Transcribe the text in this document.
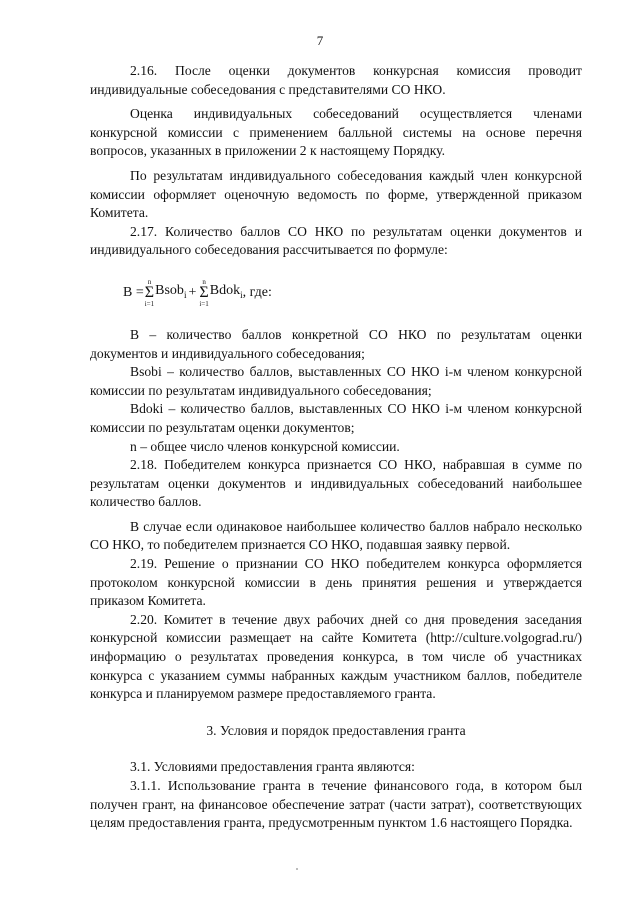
7

2.16. После оценки документов конкурсная комиссия проводит индивидуальные собеседования с представителями СО НКО.

Оценка индивидуальных собеседований осуществляется членами конкурсной комиссии с применением балльной системы на основе перечня вопросов, указанных в приложении 2 к настоящему Порядку.

По результатам индивидуального собеседования каждый член конкурсной комиссии оформляет оценочную ведомость по форме, утвержденной приказом Комитета.

2.17. Количество баллов СО НКО по результатам оценки документов и индивидуального собеседования рассчитывается по формуле:

B =
n
Σ
i=1
Bsob$_i$ +
n
Σ
i=1
Bdok$_i$ , где:

B – количество баллов конкретной СО НКО по результатам оценки документов и индивидуального собеседования;

Bsobi – количество баллов, выставленных СО НКО i-м членом конкурсной комиссии по результатам индивидуального собеседования;

Bdoki – количество баллов, выставленных СО НКО i-м членом конкурсной комиссии по результатам оценки документов;

n – общее число членов конкурсной комиссии.

2.18. Победителем конкурса признается СО НКО, набравшая в сумме по результатам оценки документов и индивидуальных собеседований наибольшее количество баллов.

В случае если одинаковое наибольшее количество баллов набрало несколько СО НКО, то победителем признается СО НКО, подавшая заявку первой.

2.19. Решение о признании СО НКО победителем конкурса оформляется протоколом конкурсной комиссии в день принятия решения и утверждается приказом Комитета.

2.20. Комитет в течение двух рабочих дней со дня проведения заседания конкурсной комиссии размещает на сайте Комитета (http://culture.volgograd.ru/) информацию о результатах проведения конкурса, в том числе об участниках конкурса с указанием суммы набранных каждым участником баллов, победителе конкурса и планируемом размере предоставляемого гранта.

3. Условия и порядок предоставления гранта

3.1. Условиями предоставления гранта являются:

3.1.1. Использование гранта в течение финансового года, в котором был получен грант, на финансовое обеспечение затрат (части затрат), соответствующих целям предоставления гранта, предусмотренным пунктом 1.6 настоящего Порядка.
